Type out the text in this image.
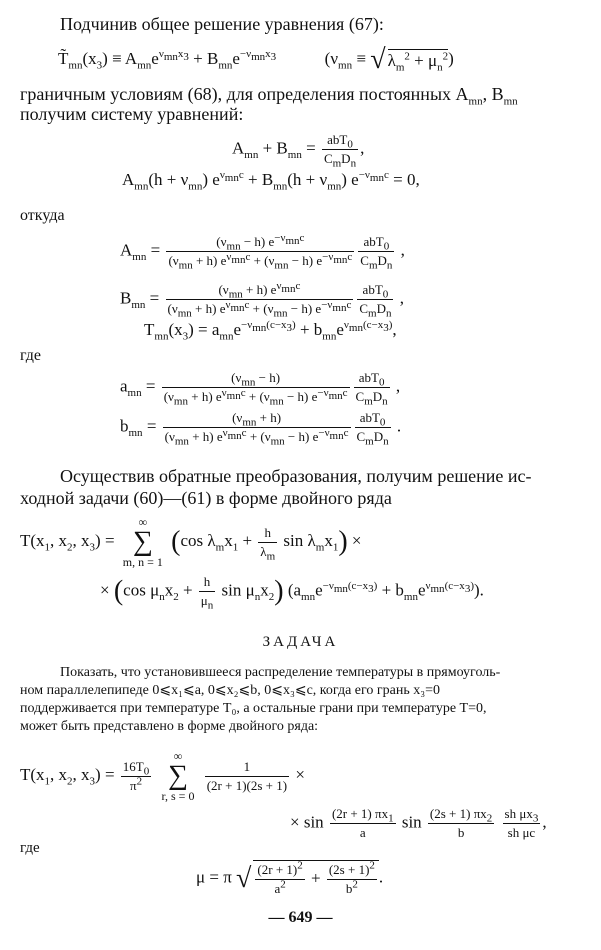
Подчинив общее решение уравнения (67):
$T̃_{mn}(x_3) \equiv A_{mn}e^{\nu_{mn}x_3} + B_{mn}e^{-\nu_{mn}x_3}$	($\nu_{mn}$ ≡ √ $\lambda_m^2 + \mu_n^2$)
граничным условиям (68), для определения постоянных $A_{mn}$, $B_{mn}$
получим систему уравнений:
$A_{mn} + B_{mn} = \frac{abT_0}{C_mD_n}$ ,
$A_{mn}(h + \nu_{mn}) e^{\nu_{mn}c} + B_{mn}(h + \nu_{mn}) e^{-\nu_{mn}c} = 0$,
откуда
$A_{mn} = \frac{(\nu_{mn} - h) e^{-\nu_{mn}c}}{(\nu_{mn} + h) e^{\nu_{mn}c} + (\nu_{mn} - h) e^{-\nu_{mn}c}} \frac{abT_0}{C_mD_n}$ ,
$B_{mn} = \frac{(\nu_{mn} + h) e^{\nu_{mn}c}}{(\nu_{mn} + h) e^{\nu_{mn}c} + (\nu_{mn} - h) e^{-\nu_{mn}c}} \frac{abT_0}{C_mD_n}$ ,
$T_{mn}(x_3) = a_{mn}e^{-\nu_{mn}(c-x_3)} + b_{mn}e^{\nu_{mn}(c-x_3)}$,
где
$a_{mn} = \frac{(\nu_{mn} - h)}{(\nu_{mn} + h) e^{\nu_{mn}c} + (\nu_{mn} - h) e^{-\nu_{mn}c}} \frac{abT_0}{C_mD_n}$ ,
$b_{mn} = \frac{(\nu_{mn} + h)}{(\nu_{mn} + h) e^{\nu_{mn}c} + (\nu_{mn} - h) e^{-\nu_{mn}c}} \frac{abT_0}{C_mD_n}$ .
Осуществив обратные преобразования, получим решение ис-
ходной задачи (60)—(61) в форме двойного ряда
$T(x_1$, $x_2$, $x_3$) = ∞
∑
m, n = 1 (cos $\lambda_mx_1 + \frac{h}{\lambda_m}$ $\sin \lambda_mx_1$) ×
× (cos $\mu_nx_2 + \frac{h}{\mu_n}$ $\sin \mu_nx_2$) $(a_{mn}e^{-\nu_{mn}(c-x_3)} + b_{mn}e^{\nu_{mn}(c-x_3)})$.
ЗАДАЧА
Показать, что установившееся распределение температуры в прямоуголь-
ном параллелепипеде 0⩽x₁⩽a, 0⩽x₂⩽b, 0⩽x₃⩽c, когда его грань x₃=0
поддерживается при температуре T₀, а остальные грани при температуре T=0,
может быть представлено в форме двойного ряда:
$T(x_1$, $x_2$, $x_3) = \frac{16T_0}{\pi^2}$
∞
∑
r, s = 0
$\frac{1}{(2r + 1)(2s + 1)}$ ×
× $\sin \frac{(2r + 1) \pi x_1}{a}$ $\sin \frac{(2s + 1) \pi x_2}{b}$
$\frac{sh \mu x_3}{\text{sh μc}}$ ,
где
μ = π √ $\frac{(2r + 1)^2}{a^2} + \frac{(2s + 1)^2}{b^2}$ .
— 649 —
